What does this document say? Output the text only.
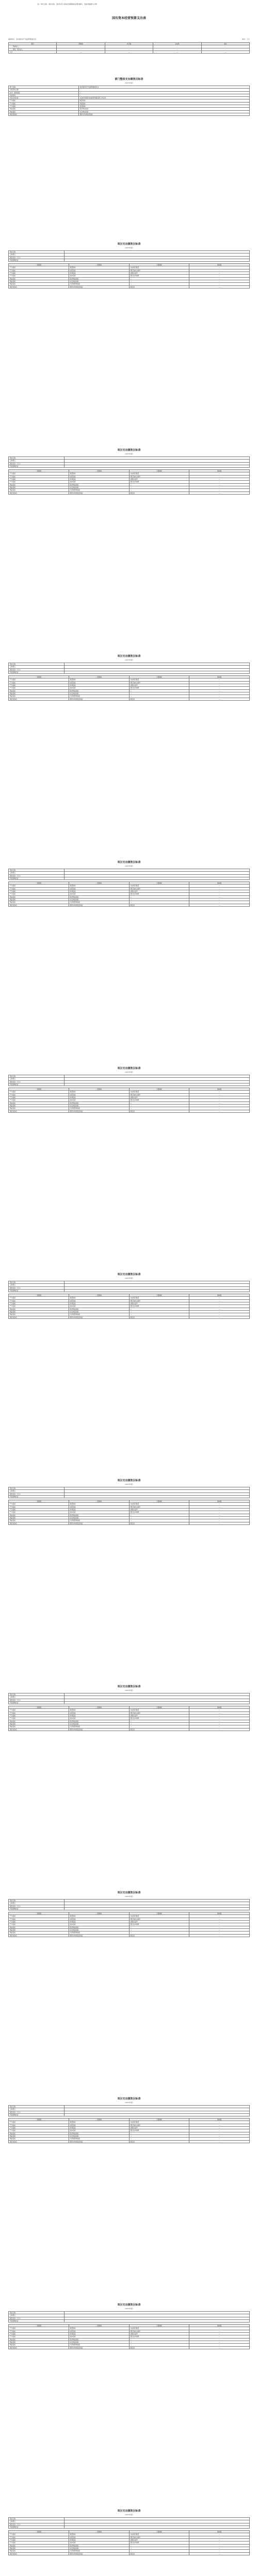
（注：单位名称、项目名称、项目负责人等信息请根据实际情况填写，表格内数据为示例）
国有资本经营预算支出表
编制单位：某市国有资产监督管理委员会	单位：万元
项目	预算数	执行数	完成率	备注
一、利润收入	—	—	—	—
二、股利、股息收入	—	—	—	—
合计	—	—	—	—
部门整体支出绩效目标表
（2023年度）
部门名称	某市国有资产监督管理委员会
年度资金总额	—
其中：财政拨款	—
其他资金	—
年度总体目标	完成年度国有资本经营预算各项工作任务
产出指标	数量指标
产出指标	质量指标
产出指标	时效指标
效益指标	经济效益指标
效益指标	社会效益指标
满意度指标	服务对象满意度指标
项目支出绩效目标表
（2023年度）
项目名称	
主管部门	
项目资金（万元）	
年度绩效目标	
一级指标	二级指标	三级指标	指标值
产出指标	数量指标	完成项目数量	—
产出指标	质量指标	项目验收合格率	—
产出指标	时效指标	按期完成率	—
产出指标	成本指标	项目成本控制	—
效益指标	经济效益指标	—	—
效益指标	社会效益指标	—	—
效益指标	可持续影响指标	—	—
满意度指标	服务对象满意度指标	满意度	—
项目支出绩效目标表
（2023年度）
项目名称	
主管部门	
项目资金（万元）	
年度绩效目标	
一级指标	二级指标	三级指标	指标值
产出指标	数量指标	完成项目数量	—
产出指标	质量指标	项目验收合格率	—
产出指标	时效指标	按期完成率	—
产出指标	成本指标	项目成本控制	—
效益指标	经济效益指标	—	—
效益指标	社会效益指标	—	—
效益指标	可持续影响指标	—	—
满意度指标	服务对象满意度指标	满意度	—
项目支出绩效目标表
（2023年度）
项目名称	
主管部门	
项目资金（万元）	
年度绩效目标	
一级指标	二级指标	三级指标	指标值
产出指标	数量指标	完成项目数量	—
产出指标	质量指标	项目验收合格率	—
产出指标	时效指标	按期完成率	—
产出指标	成本指标	项目成本控制	—
效益指标	经济效益指标	—	—
效益指标	社会效益指标	—	—
效益指标	可持续影响指标	—	—
满意度指标	服务对象满意度指标	满意度	—
项目支出绩效目标表
（2023年度）
项目名称	
主管部门	
项目资金（万元）	
年度绩效目标	
一级指标	二级指标	三级指标	指标值
产出指标	数量指标	完成项目数量	—
产出指标	质量指标	项目验收合格率	—
产出指标	时效指标	按期完成率	—
产出指标	成本指标	项目成本控制	—
效益指标	经济效益指标	—	—
效益指标	社会效益指标	—	—
效益指标	可持续影响指标	—	—
满意度指标	服务对象满意度指标	满意度	—
项目支出绩效目标表
（2023年度）
项目名称	
主管部门	
项目资金（万元）	
年度绩效目标	
一级指标	二级指标	三级指标	指标值
产出指标	数量指标	完成项目数量	—
产出指标	质量指标	项目验收合格率	—
产出指标	时效指标	按期完成率	—
产出指标	成本指标	项目成本控制	—
效益指标	经济效益指标	—	—
效益指标	社会效益指标	—	—
效益指标	可持续影响指标	—	—
满意度指标	服务对象满意度指标	满意度	—
项目支出绩效目标表
（2023年度）
项目名称	
主管部门	
项目资金（万元）	
年度绩效目标	
一级指标	二级指标	三级指标	指标值
产出指标	数量指标	完成项目数量	—
产出指标	质量指标	项目验收合格率	—
产出指标	时效指标	按期完成率	—
产出指标	成本指标	项目成本控制	—
效益指标	经济效益指标	—	—
效益指标	社会效益指标	—	—
效益指标	可持续影响指标	—	—
满意度指标	服务对象满意度指标	满意度	—
项目支出绩效目标表
（2023年度）
项目名称	
主管部门	
项目资金（万元）	
年度绩效目标	
一级指标	二级指标	三级指标	指标值
产出指标	数量指标	完成项目数量	—
产出指标	质量指标	项目验收合格率	—
产出指标	时效指标	按期完成率	—
产出指标	成本指标	项目成本控制	—
效益指标	经济效益指标	—	—
效益指标	社会效益指标	—	—
效益指标	可持续影响指标	—	—
满意度指标	服务对象满意度指标	满意度	—
项目支出绩效目标表
（2023年度）
项目名称	
主管部门	
项目资金（万元）	
年度绩效目标	
一级指标	二级指标	三级指标	指标值
产出指标	数量指标	完成项目数量	—
产出指标	质量指标	项目验收合格率	—
产出指标	时效指标	按期完成率	—
产出指标	成本指标	项目成本控制	—
效益指标	经济效益指标	—	—
效益指标	社会效益指标	—	—
效益指标	可持续影响指标	—	—
满意度指标	服务对象满意度指标	满意度	—
项目支出绩效目标表
（2023年度）
项目名称	
主管部门	
项目资金（万元）	
年度绩效目标	
一级指标	二级指标	三级指标	指标值
产出指标	数量指标	完成项目数量	—
产出指标	质量指标	项目验收合格率	—
产出指标	时效指标	按期完成率	—
产出指标	成本指标	项目成本控制	—
效益指标	经济效益指标	—	—
效益指标	社会效益指标	—	—
效益指标	可持续影响指标	—	—
满意度指标	服务对象满意度指标	满意度	—
项目支出绩效目标表
（2023年度）
项目名称	
主管部门	
项目资金（万元）	
年度绩效目标	
一级指标	二级指标	三级指标	指标值
产出指标	数量指标	完成项目数量	—
产出指标	质量指标	项目验收合格率	—
产出指标	时效指标	按期完成率	—
产出指标	成本指标	项目成本控制	—
效益指标	经济效益指标	—	—
效益指标	社会效益指标	—	—
效益指标	可持续影响指标	—	—
满意度指标	服务对象满意度指标	满意度	—
项目支出绩效目标表
（2023年度）
项目名称	
主管部门	
项目资金（万元）	
年度绩效目标	
一级指标	二级指标	三级指标	指标值
产出指标	数量指标	完成项目数量	—
产出指标	质量指标	项目验收合格率	—
产出指标	时效指标	按期完成率	—
产出指标	成本指标	项目成本控制	—
效益指标	经济效益指标	—	—
效益指标	社会效益指标	—	—
效益指标	可持续影响指标	—	—
满意度指标	服务对象满意度指标	满意度	—
项目支出绩效目标表
（2023年度）
项目名称	
主管部门	
项目资金（万元）	
年度绩效目标	
一级指标	二级指标	三级指标	指标值
产出指标	数量指标	完成项目数量	—
产出指标	质量指标	项目验收合格率	—
产出指标	时效指标	按期完成率	—
产出指标	成本指标	项目成本控制	—
效益指标	经济效益指标	—	—
效益指标	社会效益指标	—	—
效益指标	可持续影响指标	—	—
满意度指标	服务对象满意度指标	满意度	—
